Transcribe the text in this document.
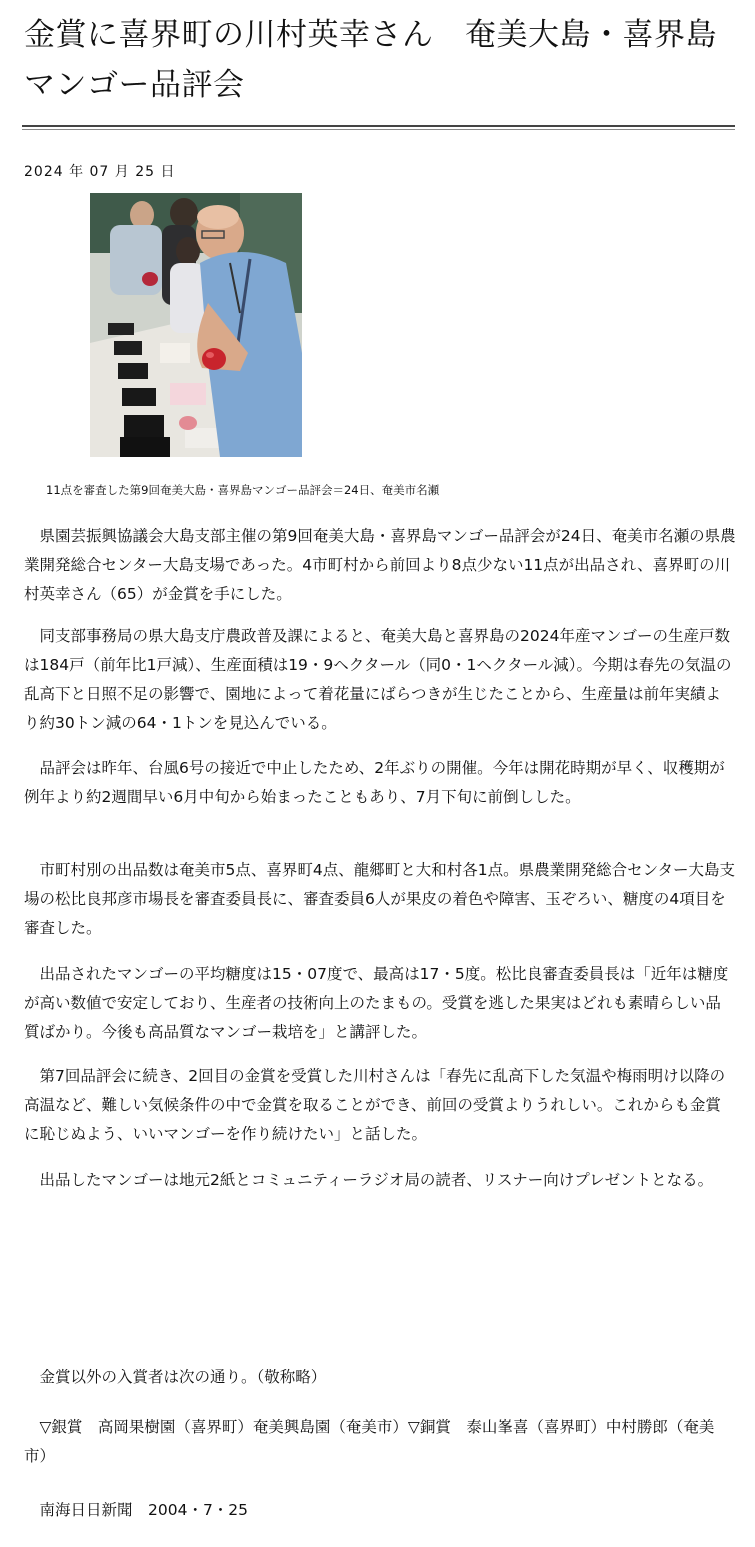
金賞に喜界町の川村英幸さん　奄美大島・喜界島マンゴー品評会
2024 年 07 月 25 日
11点を審査した第9回奄美大島・喜界島マンゴー品評会＝24日、奄美市名瀬

県園芸振興協議会大島支部主催の第9回奄美大島・喜界島マンゴー品評会が24日、奄美市名瀬の県農業開発総合センター大島支場であった。4市町村から前回より8点少ない11点が出品され、喜界町の川村英幸さん（65）が金賞を手にした。

同支部事務局の県大島支庁農政普及課によると、奄美大島と喜界島の2024年産マンゴーの生産戸数は184戸（前年比1戸減）、生産面積は19・9ヘクタール（同0・1ヘクタール減）。今期は春先の気温の乱高下と日照不足の影響で、園地によって着花量にばらつきが生じたことから、生産量は前年実績より約30トン減の64・1トンを見込んでいる。

品評会は昨年、台風6号の接近で中止したため、2年ぶりの開催。今年は開花時期が早く、収穫期が例年より約2週間早い6月中旬から始まったこともあり、7月下旬に前倒しした。

市町村別の出品数は奄美市5点、喜界町4点、龍郷町と大和村各1点。県農業開発総合センター大島支場の松比良邦彦市場長を審査委員長に、審査委員6人が果皮の着色や障害、玉ぞろい、糖度の4項目を審査した。

出品されたマンゴーの平均糖度は15・07度で、最高は17・5度。松比良審査委員長は「近年は糖度が高い数値で安定しており、生産者の技術向上のたまもの。受賞を逃した果実はどれも素晴らしい品質ばかり。今後も高品質なマンゴー栽培を」と講評した。

第7回品評会に続き、2回目の金賞を受賞した川村さんは「春先に乱高下した気温や梅雨明け以降の高温など、難しい気候条件の中で金賞を取ることができ、前回の受賞よりうれしい。これからも金賞に恥じぬよう、いいマンゴーを作り続けたい」と話した。

出品したマンゴーは地元2紙とコミュニティーラジオ局の読者、リスナー向けプレゼントとなる。

金賞以外の入賞者は次の通り。（敬称略）

▽銀賞　高岡果樹園（喜界町）奄美興島園（奄美市）▽銅賞　泰山峯喜（喜界町）中村勝郎（奄美市）

南海日日新聞　2004・7・25
